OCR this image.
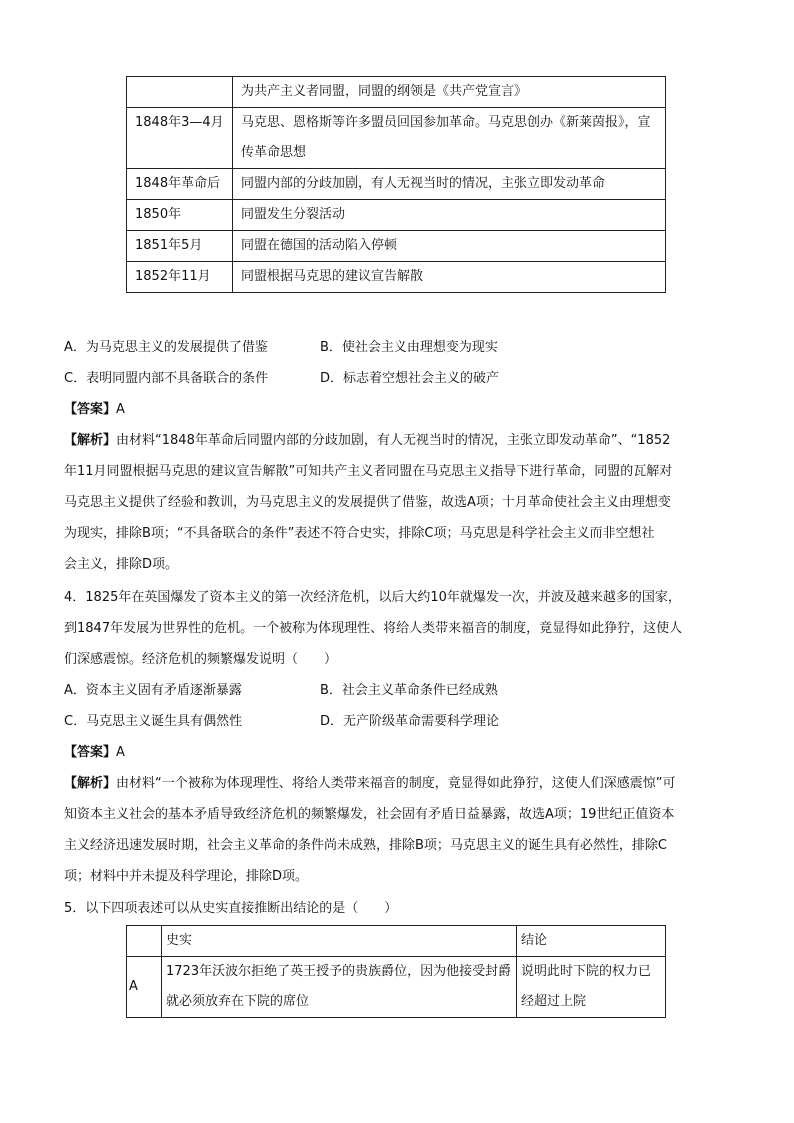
	为共产主义者同盟，同盟的纲领是《共产党宣言》
1848年3—4月	马克思、恩格斯等许多盟员回国参加革命。马克思创办《新莱茵报》，宣传革命思想
1848年革命后	同盟内部的分歧加剧，有人无视当时的情况，主张立即发动革命
1850年	同盟发生分裂活动
1851年5月	同盟在德国的活动陷入停顿
1852年11月	同盟根据马克思的建议宣告解散
A．为马克思主义的发展提供了借鉴	B．使社会主义由理想变为现实
C．表明同盟内部不具备联合的条件	D．标志着空想社会主义的破产
【答案】A
【解析】由材料“1848年革命后同盟内部的分歧加剧，有人无视当时的情况，主张立即发动革命”、“1852
年11月同盟根据马克思的建议宣告解散”可知共产主义者同盟在马克思主义指导下进行革命，同盟的瓦解对
马克思主义提供了经验和教训，为马克思主义的发展提供了借鉴，故选A项；十月革命使社会主义由理想变
为现实，排除B项；“不具备联合的条件”表述不符合史实，排除C项；马克思是科学社会主义而非空想社
会主义，排除D项。
4．1825年在英国爆发了资本主义的第一次经济危机，以后大约10年就爆发一次，并波及越来越多的国家，
到1847年发展为世界性的危机。一个被称为体现理性、将给人类带来福音的制度，竟显得如此狰狞，这使人
们深感震惊。经济危机的频繁爆发说明（　　）
A．资本主义固有矛盾逐渐暴露	B．社会主义革命条件已经成熟
C．马克思主义诞生具有偶然性	D．无产阶级革命需要科学理论
【答案】A
【解析】由材料“一个被称为体现理性、将给人类带来福音的制度，竟显得如此狰狞，这使人们深感震惊”可
知资本主义社会的基本矛盾导致经济危机的频繁爆发，社会固有矛盾日益暴露，故选A项；19世纪正值资本
主义经济迅速发展时期，社会主义革命的条件尚未成熟，排除B项；马克思主义的诞生具有必然性，排除C
项；材料中并未提及科学理论，排除D项。
5．以下四项表述可以从史实直接推断出结论的是（　　）
	史实	结论
A	1723年沃波尔拒绝了英王授予的贵族爵位，因为他接受封爵就必须放弃在下院的席位	说明此时下院的权力已经超过上院
